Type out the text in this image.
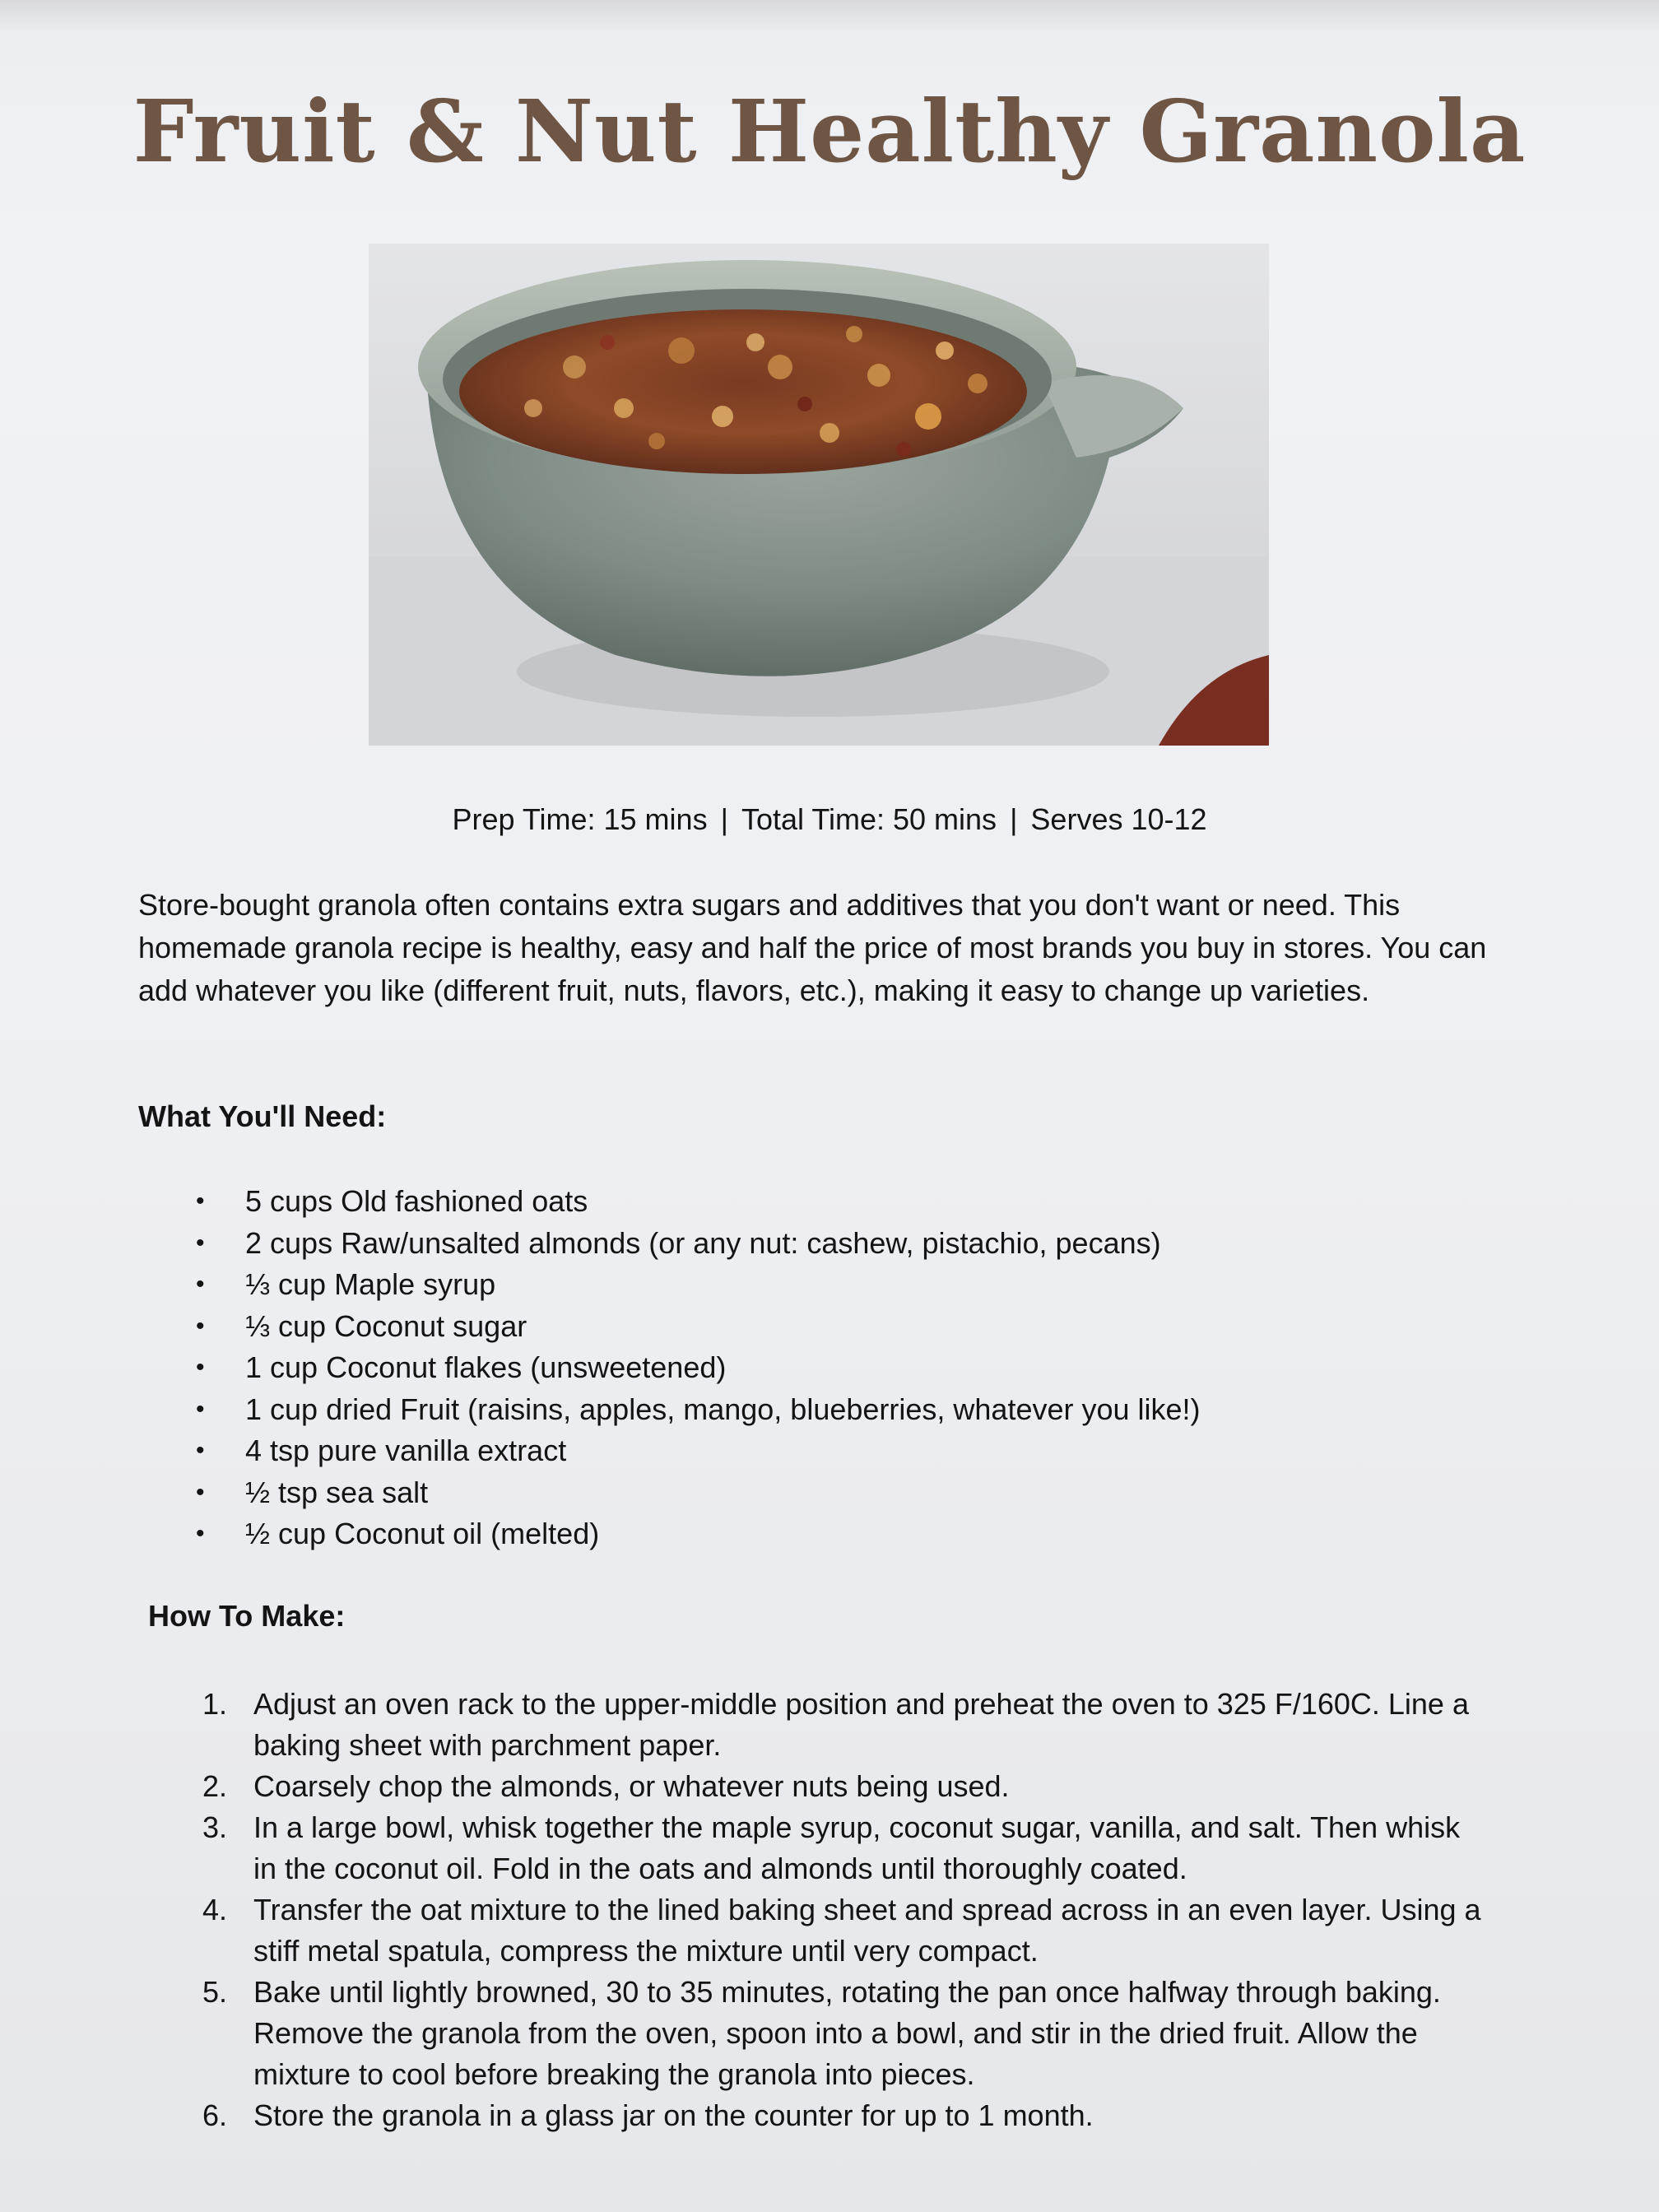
Fruit & Nut Healthy Granola
Prep Time: 15 mins | Total Time: 50 mins | Serves 10-12

Store-bought granola often contains extra sugars and additives that you don't want or need. This homemade granola recipe is healthy, easy and half the price of most brands you buy in stores. You can add whatever you like (different fruit, nuts, flavors, etc.), making it easy to change up varieties.

What You'll Need:
• 5 cups Old fashioned oats
• 2 cups Raw/unsalted almonds (or any nut: cashew, pistachio, pecans)
• ⅓ cup Maple syrup
• ⅓ cup Coconut sugar
• 1 cup Coconut flakes (unsweetened)
• 1 cup dried Fruit (raisins, apples, mango, blueberries, whatever you like!)
• 4 tsp pure vanilla extract
• ½ tsp sea salt
• ½ cup Coconut oil (melted)
How To Make:
1. Adjust an oven rack to the upper-middle position and preheat the oven to 325 F/160C. Line a baking sheet with parchment paper.
2. Coarsely chop the almonds, or whatever nuts being used.
3. In a large bowl, whisk together the maple syrup, coconut sugar, vanilla, and salt. Then whisk in the coconut oil. Fold in the oats and almonds until thoroughly coated.
4. Transfer the oat mixture to the lined baking sheet and spread across in an even layer. Using a stiff metal spatula, compress the mixture until very compact.
5. Bake until lightly browned, 30 to 35 minutes, rotating the pan once halfway through baking. Remove the granola from the oven, spoon into a bowl, and stir in the dried fruit. Allow the mixture to cool before breaking the granola into pieces.
6. Store the granola in a glass jar on the counter for up to 1 month.
